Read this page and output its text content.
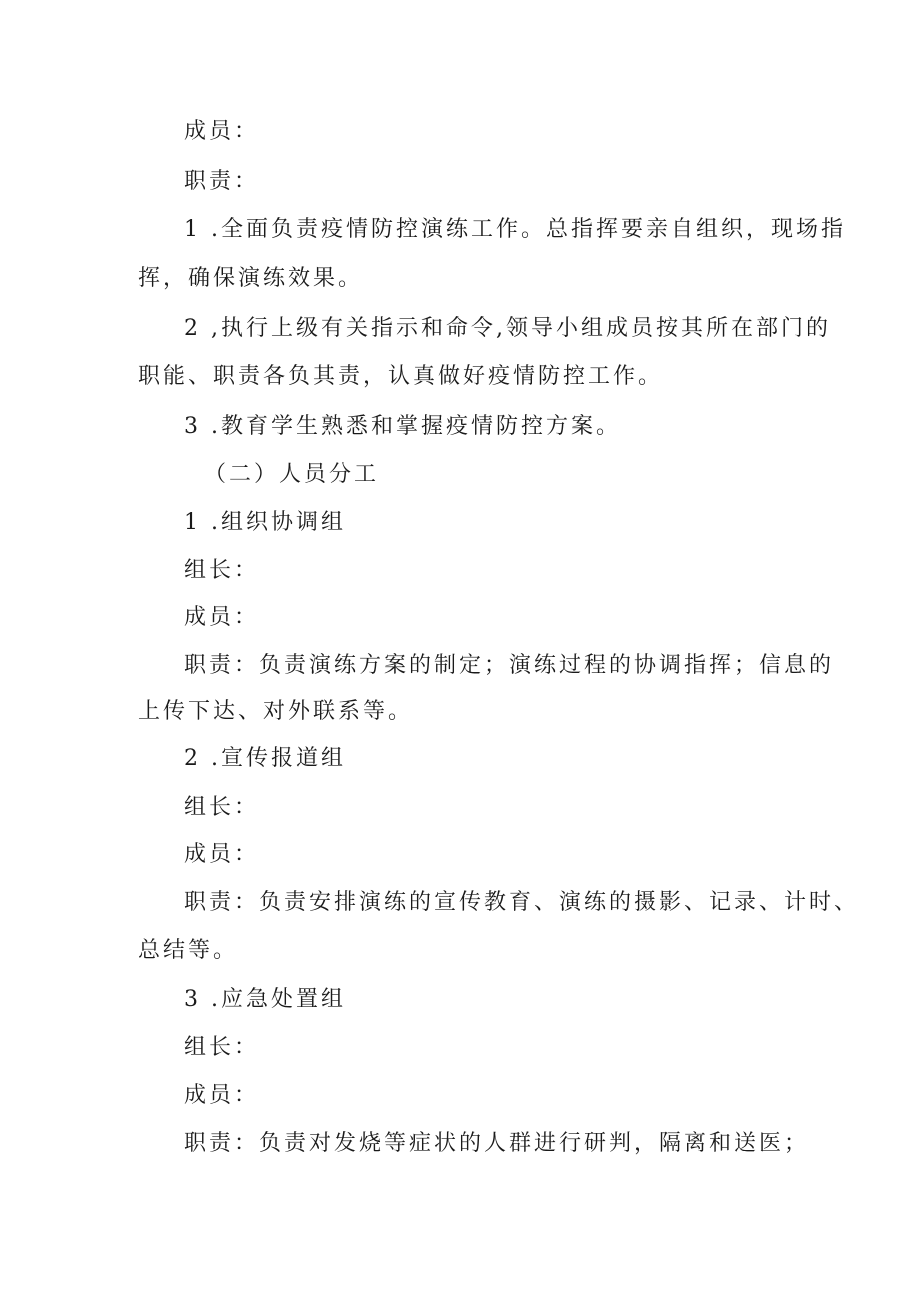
成员：
职责：
1 .全面负责疫情防控演练工作。总指挥要亲自组织，现场指
挥，确保演练效果。
2 ,执行上级有关指示和命令,领导小组成员按其所在部门的
职能、职责各负其责，认真做好疫情防控工作。
3 .教育学生熟悉和掌握疫情防控方案。
（二）人员分工
1 .组织协调组
组长：
成员：
职责：负责演练方案的制定；演练过程的协调指挥；信息的
上传下达、对外联系等。
2 .宣传报道组
组长：
成员：
职责：负责安排演练的宣传教育、演练的摄影、记录、计时、
总结等。
3 .应急处置组
组长：
成员：
职责：负责对发烧等症状的人群进行研判，隔离和送医；
